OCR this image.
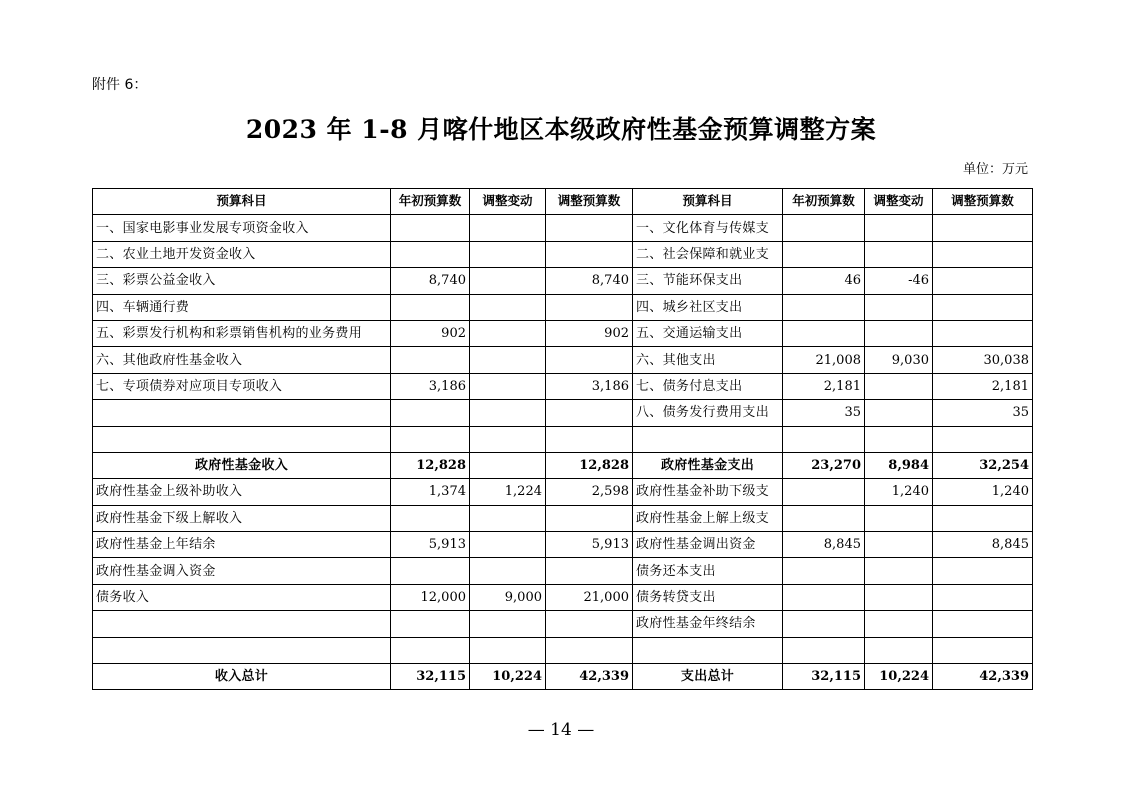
附件 6：
2023 年 1-8 月喀什地区本级政府性基金预算调整方案
单位：万元
预算科目	年初预算数	调整变动	调整预算数	预算科目	年初预算数	调整变动	调整预算数
一、国家电影事业发展专项资金收入				一、文化体育与传媒支			
二、农业土地开发资金收入				二、社会保障和就业支			
三、彩票公益金收入	8,740		8,740	三、节能环保支出	46	-46	
四、车辆通行费				四、城乡社区支出			
五、彩票发行机构和彩票销售机构的业务费用	902		902	五、交通运输支出			
六、其他政府性基金收入				六、其他支出	21,008	9,030	30,038
七、专项债券对应项目专项收入	3,186		3,186	七、债务付息支出	2,181		2,181
				八、债务发行费用支出	35		35

政府性基金收入	12,828		12,828	政府性基金支出	23,270	8,984	32,254
政府性基金上级补助收入	1,374	1,224	2,598	政府性基金补助下级支		1,240	1,240
政府性基金下级上解收入				政府性基金上解上级支			
政府性基金上年结余	5,913		5,913	政府性基金调出资金	8,845		8,845
政府性基金调入资金				债务还本支出			
债务收入	12,000	9,000	21,000	债务转贷支出			
				政府性基金年终结余			

收入总计	32,115	10,224	42,339	支出总计	32,115	10,224	42,339
— 14 —
